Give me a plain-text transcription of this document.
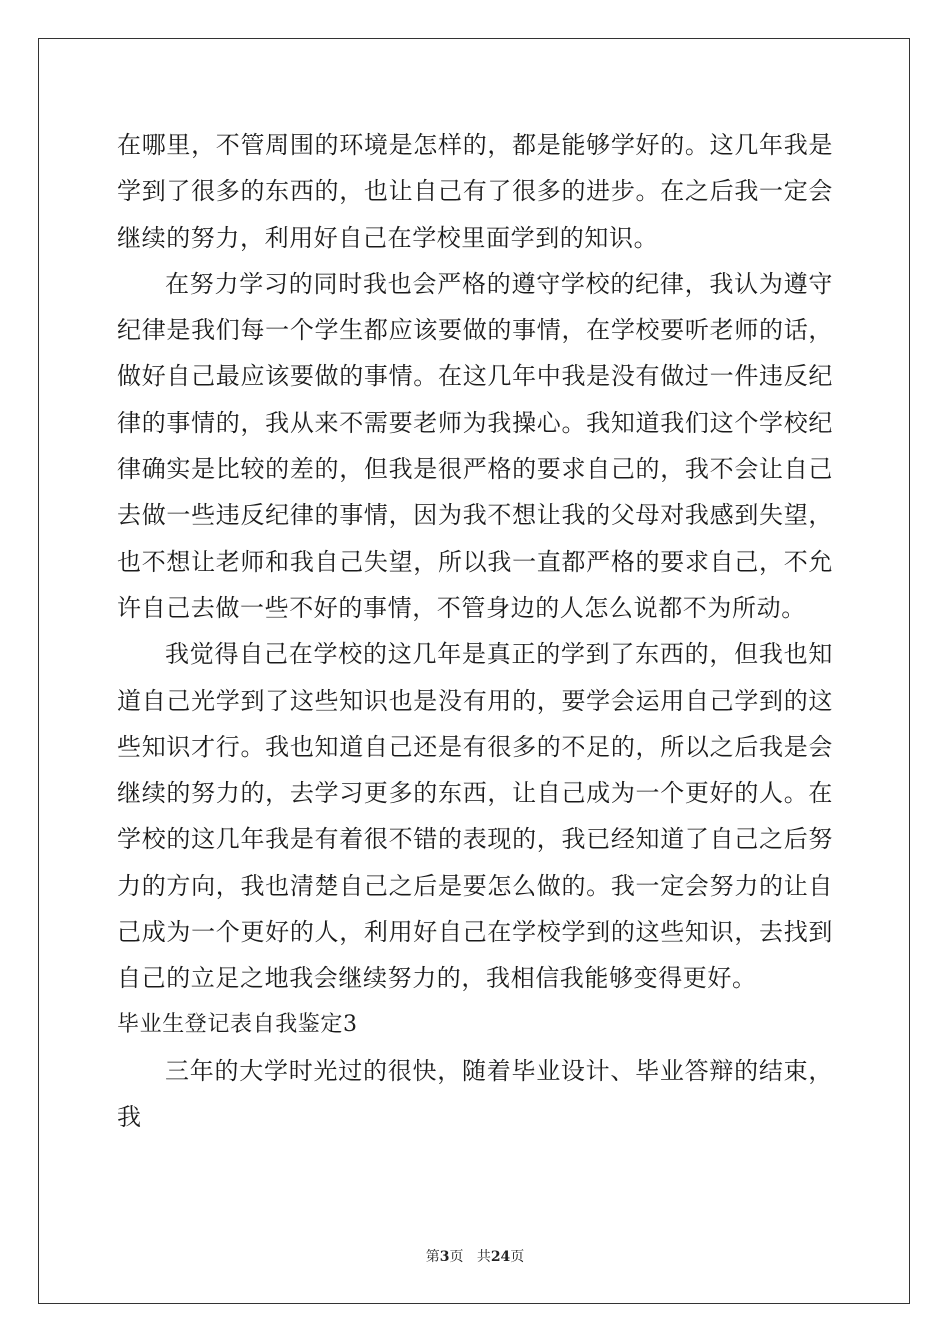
在哪里，不管周围的环境是怎样的，都是能够学好的。这几年我是学到了很多的东西的，也让自己有了很多的进步。在之后我一定会继续的努力，利用好自己在学校里面学到的知识。

在努力学习的同时我也会严格的遵守学校的纪律，我认为遵守纪律是我们每一个学生都应该要做的事情，在学校要听老师的话，做好自己最应该要做的事情。在这几年中我是没有做过一件违反纪律的事情的，我从来不需要老师为我操心。我知道我们这个学校纪律确实是比较的差的，但我是很严格的要求自己的，我不会让自己去做一些违反纪律的事情，因为我不想让我的父母对我感到失望，也不想让老师和我自己失望，所以我一直都严格的要求自己，不允许自己去做一些不好的事情，不管身边的人怎么说都不为所动。

我觉得自己在学校的这几年是真正的学到了东西的，但我也知道自己光学到了这些知识也是没有用的，要学会运用自己学到的这些知识才行。我也知道自己还是有很多的不足的，所以之后我是会继续的努力的，去学习更多的东西，让自己成为一个更好的人。在学校的这几年我是有着很不错的表现的，我已经知道了自己之后努力的方向，我也清楚自己之后是要怎么做的。我一定会努力的让自己成为一个更好的人，利用好自己在学校学到的这些知识，去找到自己的立足之地我会继续努力的，我相信我能够变得更好。

毕业生登记表自我鉴定3

三年的大学时光过的很快，随着毕业设计、毕业答辩的结束，我

第3页 共24页
